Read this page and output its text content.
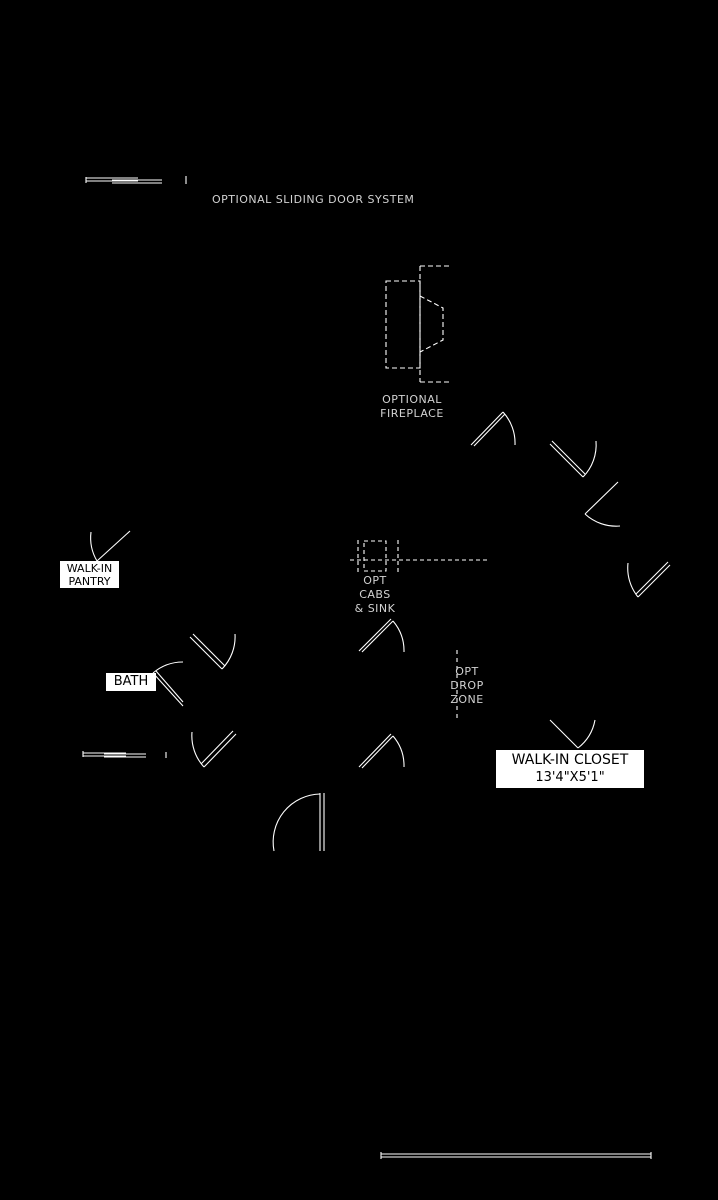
OPTIONAL SLIDING DOOR SYSTEM
OPTIONAL
FIREPLACE
OPT
CABS
& SINK
OPT
DROP
ZONE
WALK-IN
PANTRY
BATH
WALK-IN CLOSET
13'4"X5'1"
